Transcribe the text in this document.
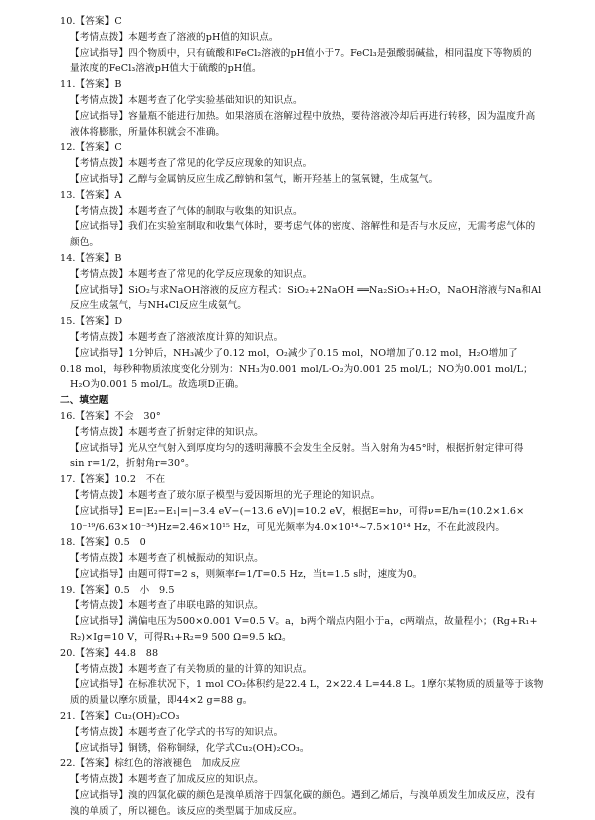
10.【答案】C
【考情点拨】本题考查了溶液的pH值的知识点。
【应试指导】四个物质中，只有硫酸和FeCl₂溶液的pH值小于7。FeCl₃是强酸弱碱盐，相同温度下等物质的
量浓度的FeCl₃溶液pH值大于硫酸的pH值。
11.【答案】B
【考情点拨】本题考查了化学实验基础知识的知识点。
【应试指导】容量瓶不能进行加热。如果溶质在溶解过程中放热，要待溶液冷却后再进行转移，因为温度升高
液体将膨胀，所量体积就会不准确。
12.【答案】C
【考情点拨】本题考查了常见的化学反应现象的知识点。
【应试指导】乙醇与金属钠反应生成乙醇钠和氢气，断开羟基上的氢氧键，生成氢气。
13.【答案】A
【考情点拨】本题考查了气体的制取与收集的知识点。
【应试指导】我们在实验室制取和收集气体时，要考虑气体的密度、溶解性和是否与水反应，无需考虑气体的
颜色。
14.【答案】B
【考情点拨】本题考查了常见的化学反应现象的知识点。
【应试指导】SiO₂与求NaOH溶液的反应方程式：SiO₂+2NaOH ══Na₂SiO₃+H₂O，NaOH溶液与Na和Al
反应生成氢气，与NH₄Cl反应生成氨气。
15.【答案】D
【考情点拨】本题考查了溶液浓度计算的知识点。
【应试指导】1分钟后，NH₃减少了0.12 mol，O₂减少了0.15 mol，NO增加了0.12 mol，H₂O增加了
0.18 mol，每秒种物质浓度变化分别为：NH₃为0.001 mol/L·O₂为0.001 25 mol/L；NO为0.001 mol/L；
H₂O为0.001 5 mol/L。故选项D正确。
二、填空题
16.【答案】不会　30°
【考情点拨】本题考查了折射定律的知识点。
【应试指导】光从空气射入到厚度均匀的透明薄膜不会发生全反射。当入射角为45°时，根据折射定律可得
sin r=1/2，折射角r=30°。
17.【答案】10.2　不在
【考情点拨】本题考查了玻尔原子模型与爱因斯坦的光子理论的知识点。
【应试指导】E=|E₂−E₁|=|−3.4 eV−(−13.6 eV)|=10.2 eV，根据E=hν，可得ν=E/h=(10.2×1.6×
10⁻¹⁹/6.63×10⁻³⁴)Hz=2.46×10¹⁵ Hz，可见光频率为4.0×10¹⁴~7.5×10¹⁴ Hz，不在此波段内。
18.【答案】0.5　0
【考情点拨】本题考查了机械振动的知识点。
【应试指导】由题可得T=2 s，则频率f=1/T=0.5 Hz，当t=1.5 s时，速度为0。
19.【答案】0.5　小　9.5
【考情点拨】本题考查了串联电路的知识点。
【应试指导】满偏电压为500×0.001 V=0.5 V。a，b两个端点内阻小于a，c两端点，故量程小；(Rg+R₁+
R₂)×Ig=10 V，可得R₁+R₂=9 500 Ω=9.5 kΩ。
20.【答案】44.8　88
【考情点拨】本题考查了有关物质的量的计算的知识点。
【应试指导】在标准状况下，1 mol CO₂体积约是22.4 L，2×22.4 L=44.8 L。1摩尔某物质的质量等于该物
质的质量以摩尔质量，即44×2 g=88 g。
21.【答案】Cu₂(OH)₂CO₃
【考情点拨】本题考查了化学式的书写的知识点。
【应试指导】铜锈，俗称铜绿，化学式Cu₂(OH)₂CO₃。
22.【答案】棕红色的溶液褪色　加成反应
【考情点拨】本题考查了加成反应的知识点。
【应试指导】溴的四氯化碳的颜色是溴单质溶于四氯化碳的颜色。遇到乙烯后，与溴单质发生加成反应，没有
溴的单质了，所以褪色。该反应的类型属于加成反应。
